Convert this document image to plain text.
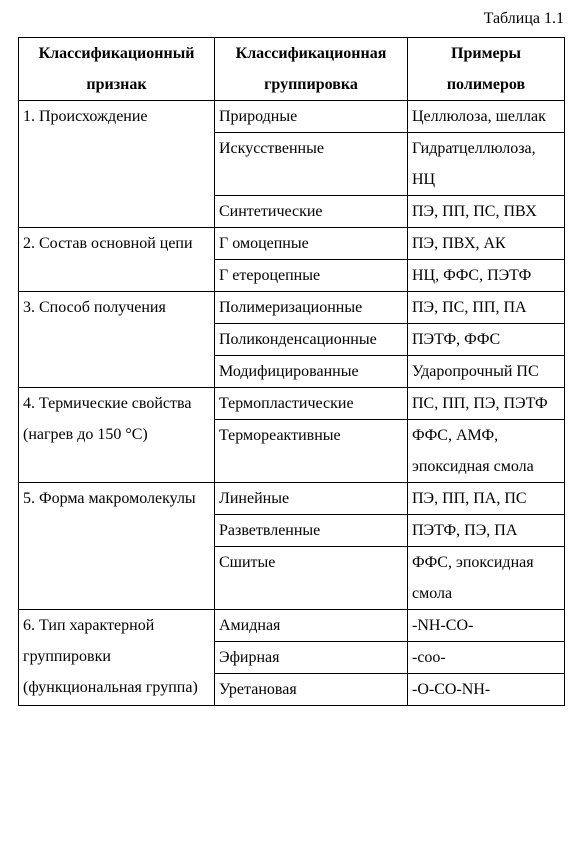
Таблица 1.1
Классификационный признак	Классификационная группировка	Примеры полимеров
1. Происхождение	Природные	Целлюлоза, шеллак
	Искусственные	Гидратцеллюлоза, НЦ
	Синтетические	ПЭ, ПП, ПС, ПВХ
2. Состав основной цепи	Г омоцепные	ПЭ, ПВХ, АК
	Г етероцепные	НЦ, ФФС, ПЭТФ
3. Способ получения	Полимеризационные	ПЭ, ПС, ПП, ПА
	Поликонденсационные	ПЭТФ, ФФС
	Модифицированные	Ударопрочный ПС
4. Термические свойства (нагрев до 150 °С)	Термопластические	ПС, ПП, ПЭ, ПЭТФ
	Термореактивные	ФФС, АМФ, эпоксидная смола
5. Форма макромолекулы	Линейные	ПЭ, ПП, ПА, ПС
	Разветвленные	ПЭТФ, ПЭ, ПА
	Сшитые	ФФС, эпоксидная смола
6. Тип характерной группировки (функциональная группа)	Амидная	-NH-CO-
	Эфирная	-соо-
	Уретановая	-O-CO-NH-
